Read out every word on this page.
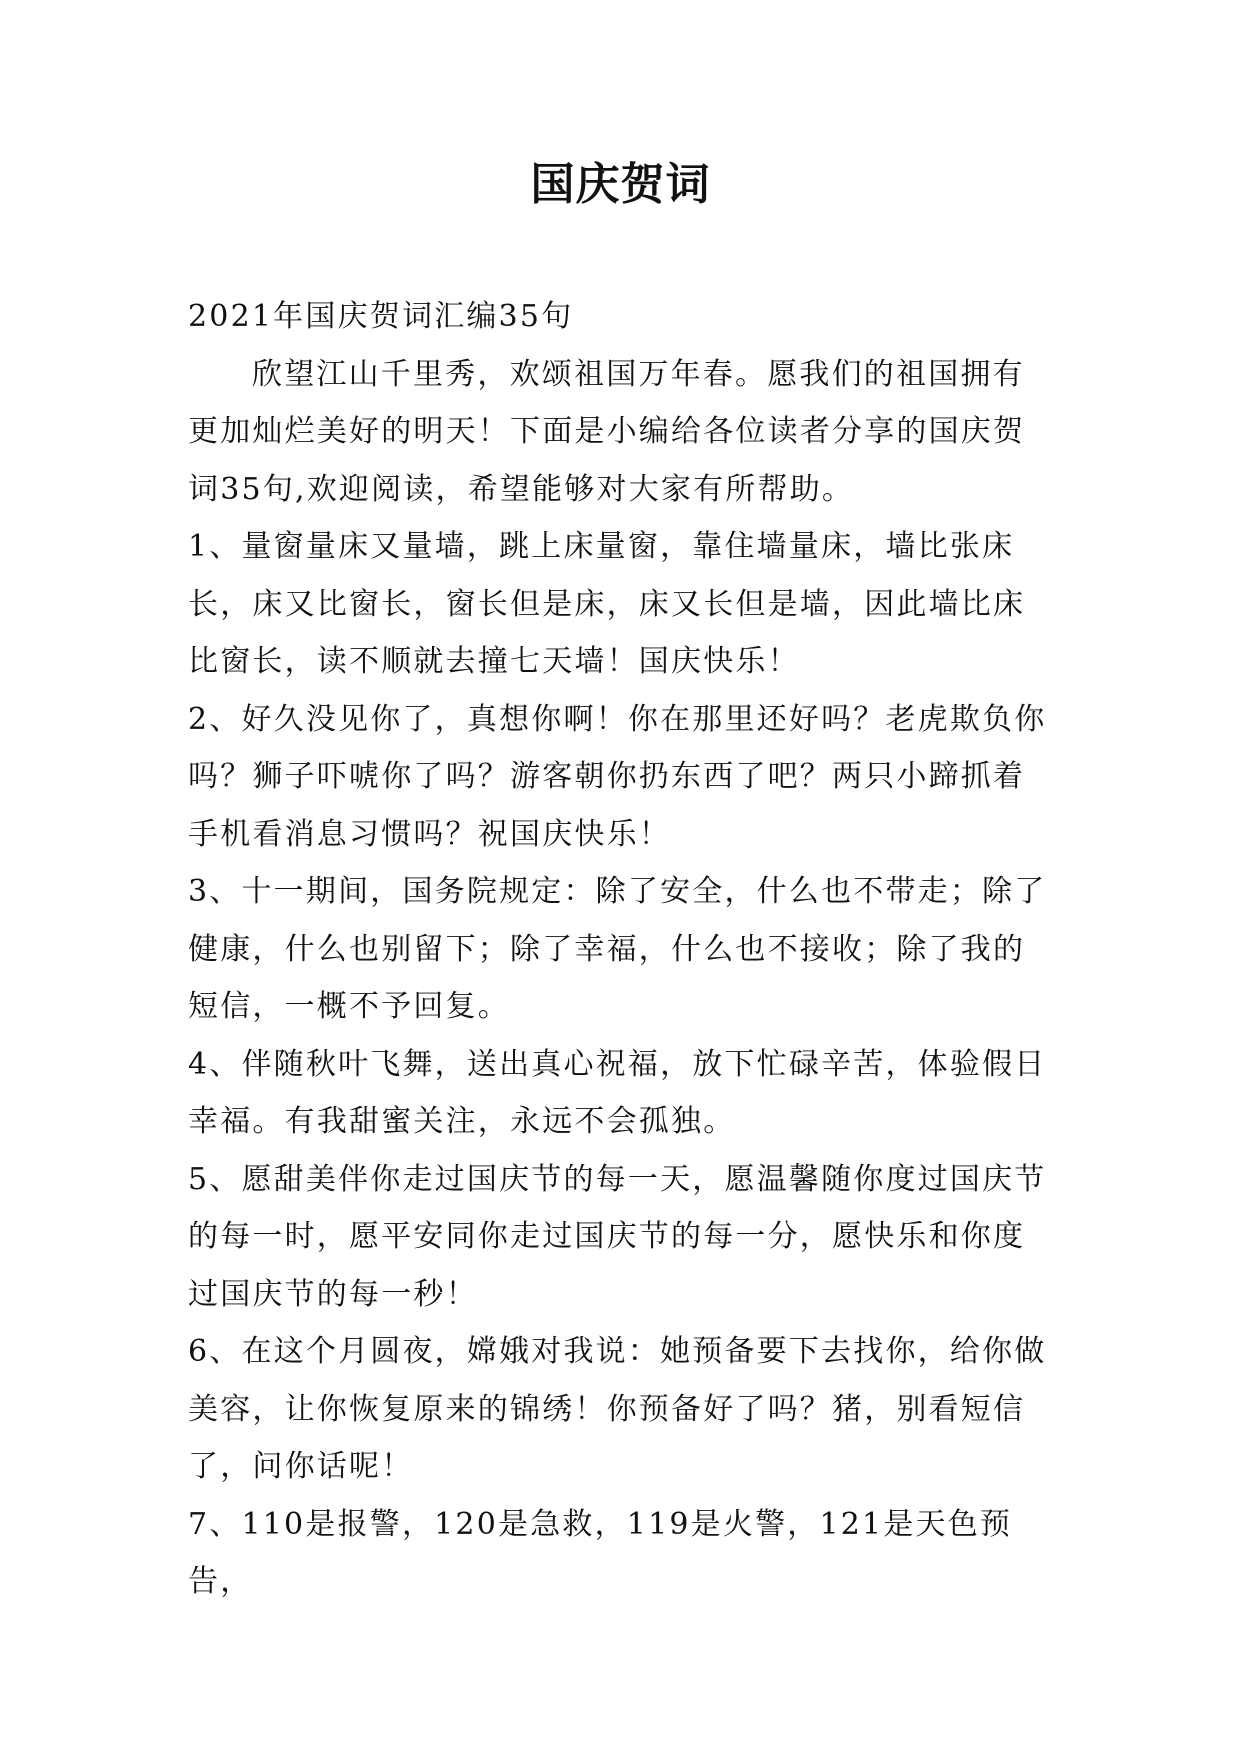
国庆贺词

2021年国庆贺词汇编35句

欣望江山千里秀，欢颂祖国万年春。愿我们的祖国拥有更加灿烂美好的明天！下面是小编给各位读者分享的国庆贺词35句,欢迎阅读，希望能够对大家有所帮助。

1、量窗量床又量墙，跳上床量窗，靠住墙量床，墙比张床长，床又比窗长，窗长但是床，床又长但是墙，因此墙比床比窗长，读不顺就去撞七天墙！国庆快乐！

2、好久没见你了，真想你啊！你在那里还好吗？老虎欺负你吗？狮子吓唬你了吗？游客朝你扔东西了吧？两只小蹄抓着手机看消息习惯吗？祝国庆快乐！

3、十一期间，国务院规定：除了安全，什么也不带走；除了健康，什么也别留下；除了幸福，什么也不接收；除了我的短信，一概不予回复。

4、伴随秋叶飞舞，送出真心祝福，放下忙碌辛苦，体验假日幸福。有我甜蜜关注，永远不会孤独。

5、愿甜美伴你走过国庆节的每一天，愿温馨随你度过国庆节的每一时，愿平安同你走过国庆节的每一分，愿快乐和你度过国庆节的每一秒！

6、在这个月圆夜，嫦娥对我说：她预备要下去找你，给你做美容，让你恢复原来的锦绣！你预备好了吗？猪，别看短信了，问你话呢！

7、110是报警，120是急救，119是火警，121是天色预告，
